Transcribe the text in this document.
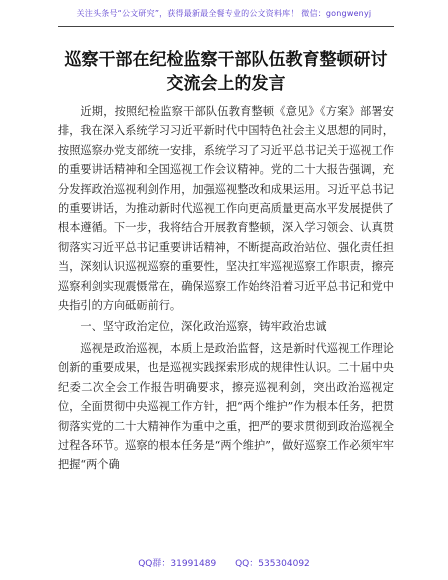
关注头条号“公文研究”，获得最新最全餐专业的公文资料库！ 微信：gongwenyj
巡察干部在纪检监察干部队伍教育整顿研讨交流会上的发言

近期，按照纪检监察干部队伍教育整顿《意见》《方案》部署安排，我在深入系统学习习近平新时代中国特色社会主义思想的同时，按照巡察办党支部统一安排，系统学习了习近平总书记关于巡视工作的重要讲话精神和全国巡视工作会议精神。党的二十大报告强调，充分发挥政治巡视利剑作用，加强巡视整改和成果运用。习近平总书记的重要讲话，为推动新时代巡视工作向更高质量更高水平发展提供了根本遵循。下一步，我将结合开展教育整顿，深入学习领会、认真贯彻落实习近平总书记重要讲话精神，不断提高政治站位、强化责任担当，深刻认识巡视巡察的重要性，坚决扛牢巡视巡察工作职责，擦亮巡察利剑实现震慑常在，确保巡察工作始终沿着习近平总书记和党中央指引的方向砥砺前行。

一、坚守政治定位，深化政治巡察，铸牢政治忠诚

巡视是政治巡视，本质上是政治监督，这是新时代巡视工作理论创新的重要成果，也是巡视实践探索形成的规律性认识。二十届中央纪委二次全会工作报告明确要求，擦亮巡视利剑，突出政治巡视定位，全面贯彻中央巡视工作方针，把“两个维护”作为根本任务，把贯彻落实党的二十大精神作为重中之重，把严的要求贯彻到政治巡视全过程各环节。巡察的根本任务是“两个维护”，做好巡察工作必须牢牢把握“两个确

QQ群：31991489 QQ：535304092
